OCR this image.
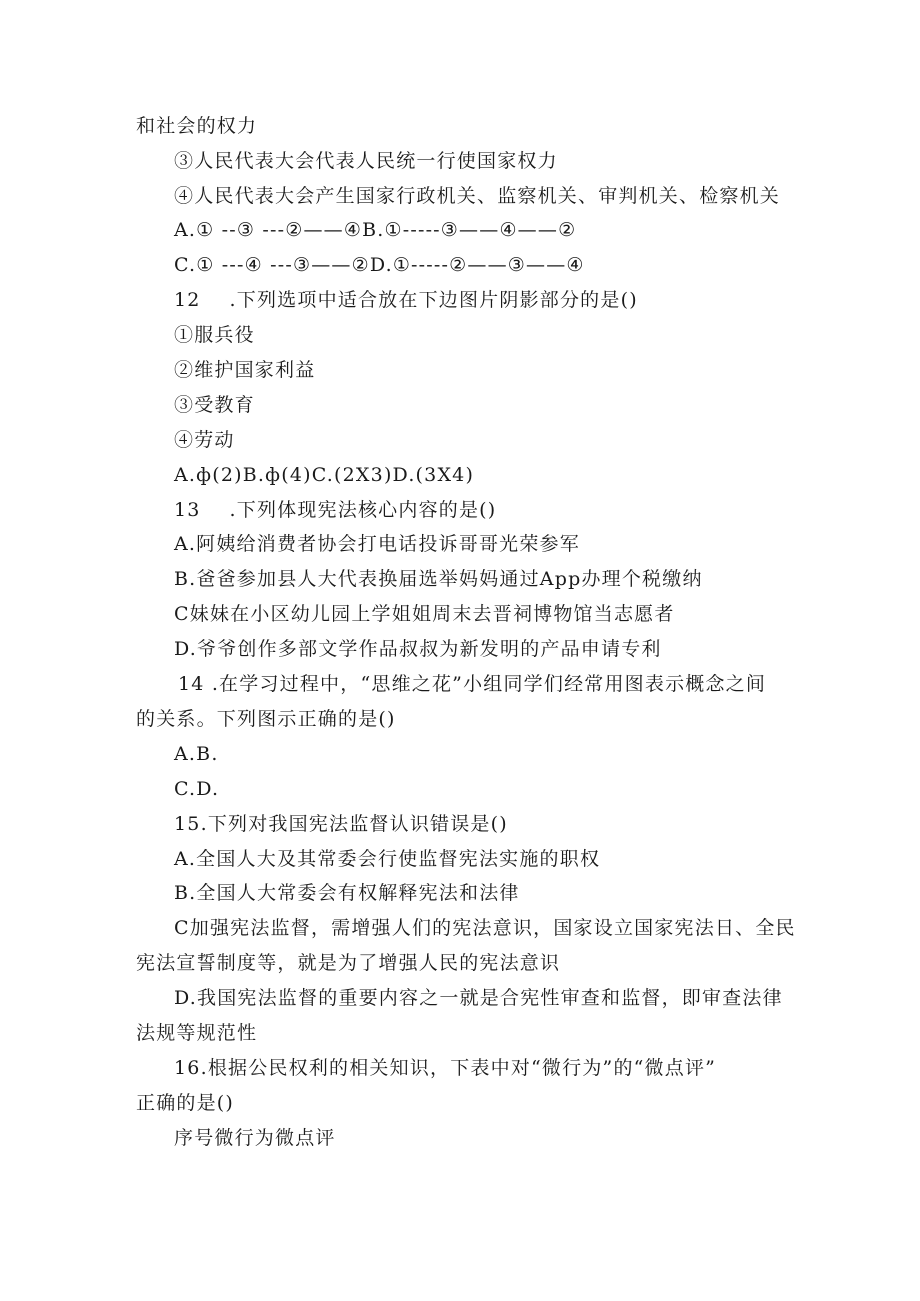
和社会的权力
③人民代表大会代表人民统一行使国家权力
④人民代表大会产生国家行政机关、监察机关、审判机关、检察机关
A.① --③ ---②——④B.①-----③——④——②
C.① ---④ ---③——②D.①-----②——③——④
12    .下列选项中适合放在下边图片阴影部分的是()
①服兵役
②维护国家利益
③受教育
④劳动
A.ф(2)B.ф(4)C.(2X3)D.(3X4)
13    .下列体现宪法核心内容的是()
A.阿姨给消费者协会打电话投诉哥哥光荣参军
B.爸爸参加县人大代表换届选举妈妈通过App办理个税缴纳
C妹妹在小区幼儿园上学姐姐周末去晋祠博物馆当志愿者
D.爷爷创作多部文学作品叔叔为新发明的产品申请专利
14 .在学习过程中，“思维之花”小组同学们经常用图表示概念之间
的关系。下列图示正确的是()
A.B.
C.D.
15.下列对我国宪法监督认识错误是()
A.全国人大及其常委会行使监督宪法实施的职权
B.全国人大常委会有权解释宪法和法律
C加强宪法监督，需增强人们的宪法意识，国家设立国家宪法日、全民
宪法宣誓制度等，就是为了增强人民的宪法意识
D.我国宪法监督的重要内容之一就是合宪性审查和监督，即审查法律
法规等规范性
16.根据公民权利的相关知识，下表中对“微行为”的“微点评”
正确的是()
序号微行为微点评
